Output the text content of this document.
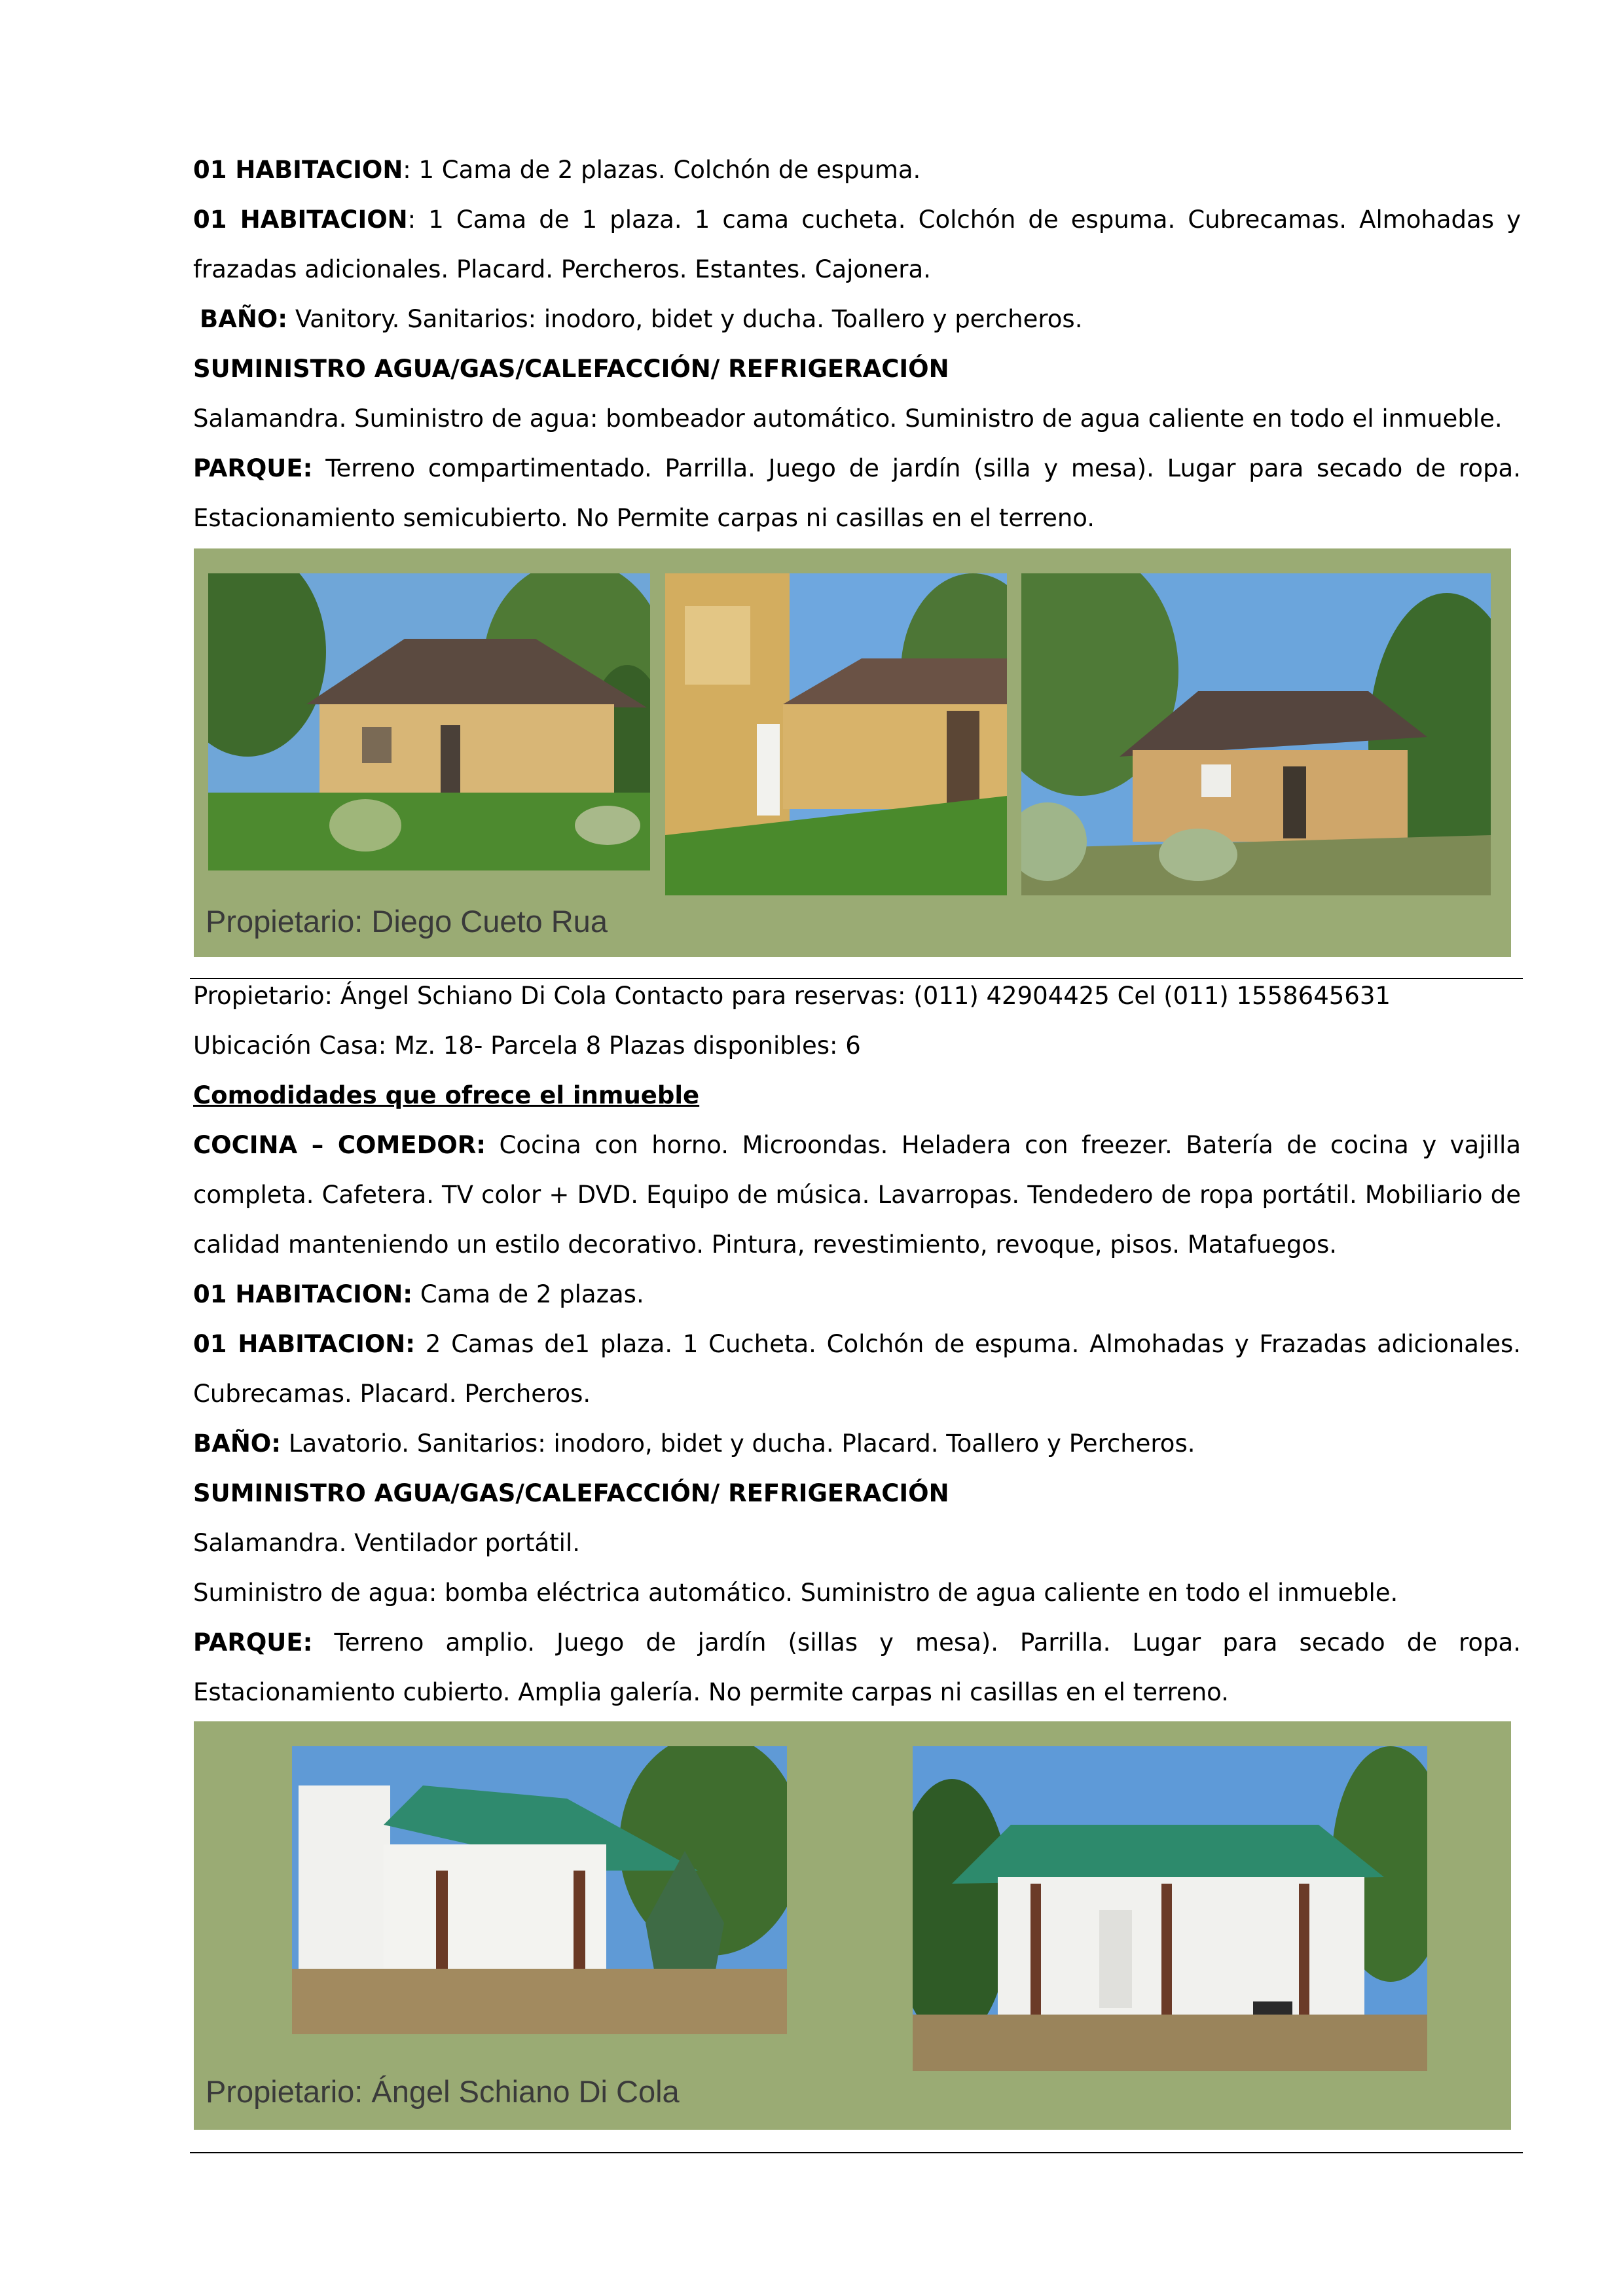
01 HABITACION: 1 Cama de 2 plazas. Colchón de espuma.
01 HABITACION: 1 Cama de 1 plaza. 1 cama cucheta. Colchón de espuma. Cubrecamas. Almohadas y
frazadas adicionales. Placard. Percheros. Estantes. Cajonera.
BAÑO: Vanitory. Sanitarios: inodoro, bidet y ducha. Toallero y percheros.
SUMINISTRO AGUA/GAS/CALEFACCIÓN/ REFRIGERACIÓN
Salamandra. Suministro de agua: bombeador automático. Suministro de agua caliente en todo el inmueble.
PARQUE: Terreno compartimentado. Parrilla. Juego de jardín (silla y mesa). Lugar para secado de ropa.
Estacionamiento semicubierto. No Permite carpas ni casillas en el terreno.
Propietario: Diego Cueto Rua
Propietario: Ángel Schiano Di Cola Contacto para reservas: (011) 42904425 Cel (011) 1558645631
Ubicación Casa: Mz. 18- Parcela 8 Plazas disponibles: 6
Comodidades que ofrece el inmueble
COCINA – COMEDOR: Cocina con horno. Microondas. Heladera con freezer. Batería de cocina y vajilla
completa. Cafetera. TV color + DVD. Equipo de música. Lavarropas. Tendedero de ropa portátil. Mobiliario de
calidad manteniendo un estilo decorativo. Pintura, revestimiento, revoque, pisos. Matafuegos.
01 HABITACION: Cama de 2 plazas.
01 HABITACION: 2 Camas de1 plaza. 1 Cucheta. Colchón de espuma. Almohadas y Frazadas adicionales.
Cubrecamas. Placard. Percheros.
BAÑO: Lavatorio. Sanitarios: inodoro, bidet y ducha. Placard. Toallero y Percheros.
SUMINISTRO AGUA/GAS/CALEFACCIÓN/ REFRIGERACIÓN
Salamandra. Ventilador portátil.
Suministro de agua: bomba eléctrica automático. Suministro de agua caliente en todo el inmueble.
PARQUE: Terreno amplio. Juego de jardín (sillas y mesa). Parrilla. Lugar para secado de ropa.
Estacionamiento cubierto. Amplia galería. No permite carpas ni casillas en el terreno.
Propietario: Ángel Schiano Di Cola
